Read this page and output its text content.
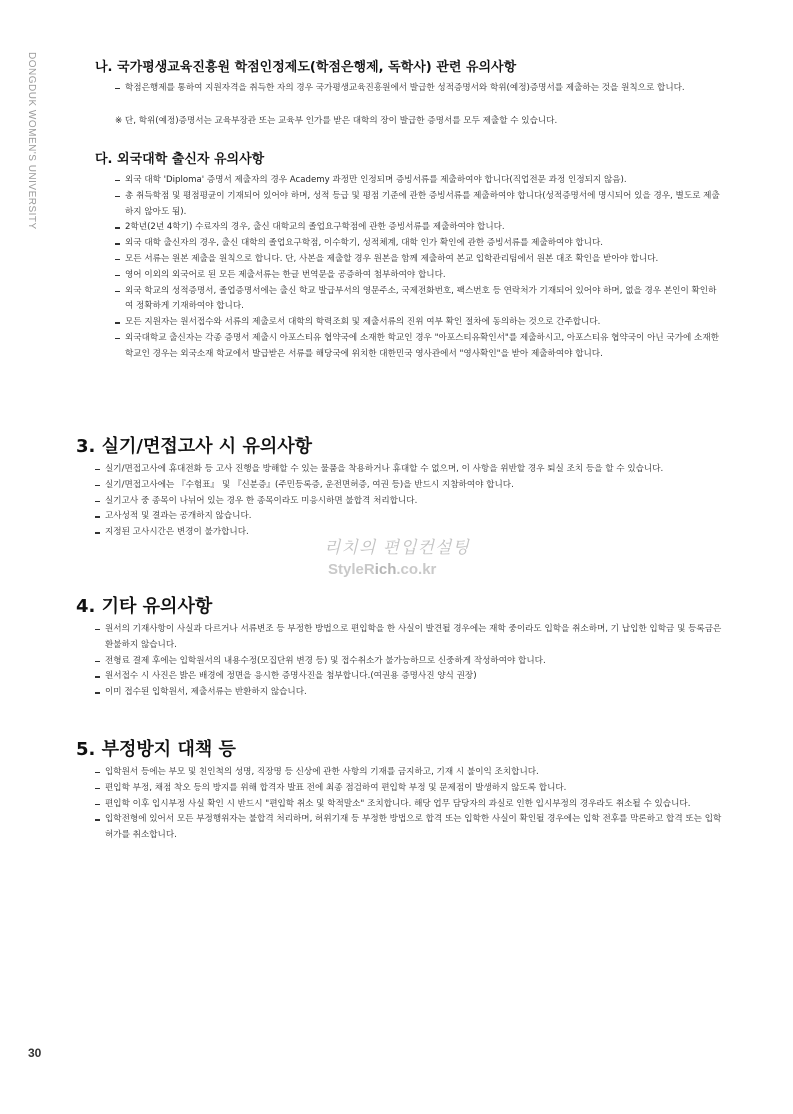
DONGDUK WOMEN'S UNIVERSITY	나. 국가평생교육진흥원 학점인정제도(학점은행제, 독학사) 관련 유의사항
학점은행제를 통하여 지원자격을 취득한 자의 경우 국가평생교육진흥원에서 발급한 성적증명서와 학위(예정)증명서를 제출하는 것을 원칙으로 합니다.
※ 단, 학위(예정)증명서는 교육부장관 또는 교육부 인가를 받은 대학의 장이 발급한 증명서를 모두 제출할 수 있습니다.
다. 외국대학 출신자 유의사항
외국 대학 'Diploma' 증명서 제출자의 경우 Academy 과정만 인정되며 증빙서류를 제출하여야 합니다(직업전문 과정 인정되지 않음).
총 취득학점 및 평점평균이 기재되어 있어야 하며, 성적 등급 및 평점 기준에 관한 증빙서류를 제출하여야 합니다(성적증명서에 명시되어 있을 경우, 별도로 제출하지 않아도 됨).
2학년(2년 4학기) 수료자의 경우, 출신 대학교의 졸업요구학점에 관한 증빙서류를 제출하여야 합니다.
외국 대학 출신자의 경우, 출신 대학의 졸업요구학점, 이수학기, 성적체계, 대학 인가 확인에 관한 증빙서류를 제출하여야 합니다.
모든 서류는 원본 제출을 원칙으로 합니다. 단, 사본을 제출할 경우 원본을 함께 제출하여 본교 입학관리팀에서 원본 대조 확인을 받아야 합니다.
영어 이외의 외국어로 된 모든 제출서류는 한글 번역문을 공증하여 첨부하여야 합니다.
외국 학교의 성적증명서, 졸업증명서에는 출신 학교 발급부서의 영문주소, 국제전화번호, 팩스번호 등 연락처가 기재되어 있어야 하며, 없을 경우 본인이 확인하여 정확하게 기재하여야 합니다.
모든 지원자는 원서접수와 서류의 제출로서 대학의 학력조회 및 제출서류의 진위 여부 확인 절차에 동의하는 것으로 간주합니다.
외국대학교 출신자는 각종 증명서 제출시 아포스티유 협약국에 소재한 학교인 경우 "아포스티유확인서"를 제출하시고, 아포스티유 협약국이 아닌 국가에 소재한 학교인 경우는 외국소재 학교에서 발급받은 서류를 해당국에 위치한 대한민국 영사관에서 "영사확인"을 받아 제출하여야 합니다.
3. 실기/면접고사 시 유의사항
실기/면접고사에 휴대전화 등 고사 진행을 방해할 수 있는 물품을 착용하거나 휴대할 수 없으며, 이 사항을 위반할 경우 퇴실 조치 등을 할 수 있습니다.
실기/면접고사에는 『수험표』 및 『신분증』(주민등록증, 운전면허증, 여권 등)을 반드시 지참하여야 합니다.
실기고사 중 종목이 나뉘어 있는 경우 한 종목이라도 미응시하면 불합격 처리합니다.
고사성적 및 결과는 공개하지 않습니다.
지정된 고사시간은 변경이 불가합니다.
리치의 편입컨설팅
StyleRich.co.kr
4. 기타 유의사항
원서의 기재사항이 사실과 다르거나 서류변조 등 부정한 방법으로 편입학을 한 사실이 발견될 경우에는 재학 중이라도 입학을 취소하며, 기 납입한 입학금 및 등록금은 환불하지 않습니다.
전형료 결제 후에는 입학원서의 내용수정(모집단위 변경 등) 및 접수취소가 불가능하므로 신중하게 작성하여야 합니다.
원서접수 시 사진은 밝은 배경에 정면을 응시한 증명사진을 첨부합니다.(여권용 증명사진 양식 권장)
이미 접수된 입학원서, 제출서류는 반환하지 않습니다.
5. 부정방지 대책 등
입학원서 등에는 부모 및 친인척의 성명, 직장명 등 신상에 관한 사항의 기재를 금지하고, 기재 시 불이익 조치합니다.
편입학 부정, 채점 착오 등의 방지를 위해 합격자 발표 전에 최종 점검하여 편입학 부정 및 문제점이 발생하지 않도록 합니다.
편입학 이후 입시부정 사실 확인 시 반드시 "편입학 취소 및 학적말소" 조치합니다. 해당 업무 담당자의 과실로 인한 입시부정의 경우라도 취소될 수 있습니다.
입학전형에 있어서 모든 부정행위자는 불합격 처리하며, 허위기재 등 부정한 방법으로 합격 또는 입학한 사실이 확인될 경우에는 입학 전후를 막론하고 합격 또는 입학허가를 취소합니다.
30
